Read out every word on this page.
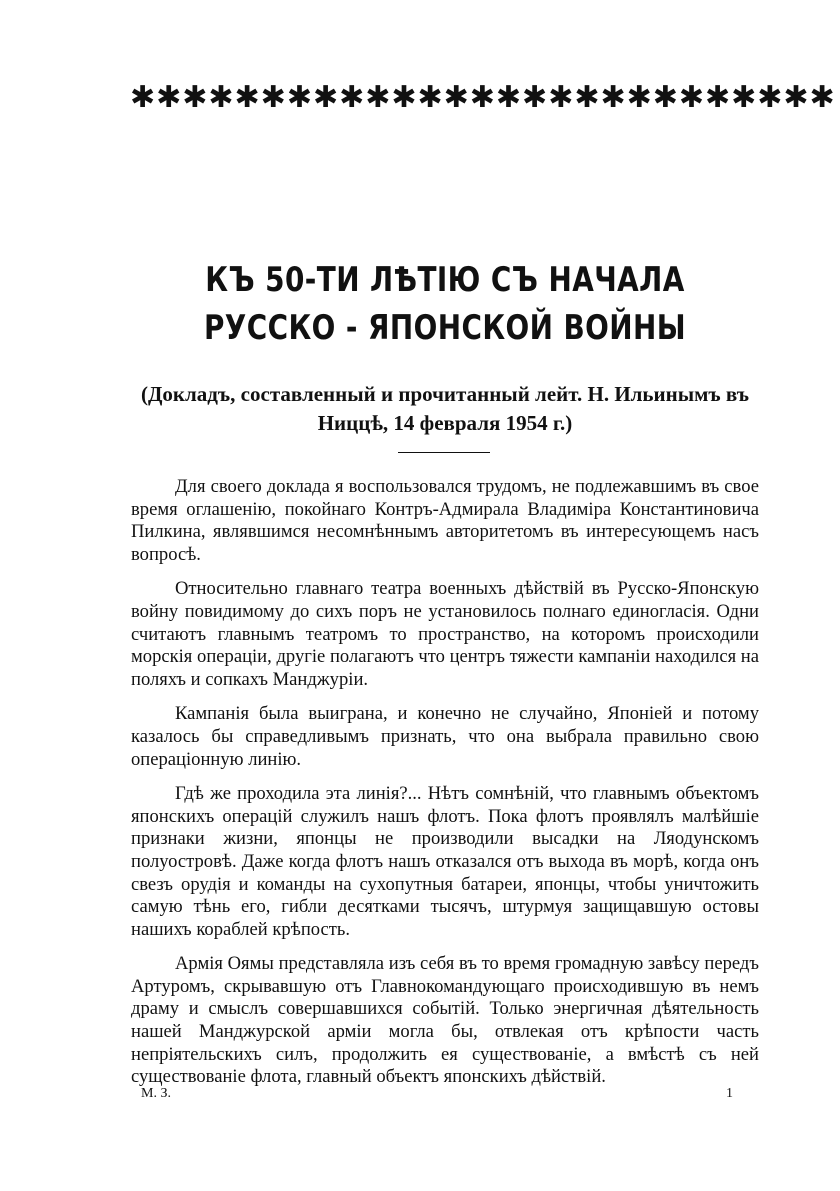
✱✱✱✱✱✱✱✱✱✱✱✱✱✱✱✱✱✱✱✱✱✱✱✱✱✱✱
КЪ 50-ТИ ЛѢТІЮ СЪ НАЧАЛА
РУССКО - ЯПОНСКОЙ ВОЙНЫ
(Докладъ, составленный и прочитанный лейт. Н. Ильинымъ въ Ниццѣ, 14 февраля 1954 г.)

Для своего доклада я воспользовался трудомъ, не подлежавшимъ въ свое время оглашенію, покойнаго Контръ-Адмирала Владиміра Константиновича Пилкина, являвшимся несомнѣннымъ авторитетомъ въ интересующемъ насъ вопросѣ.

Относительно главнаго театра военныхъ дѣйствій въ Русско-Японскую войну повидимому до сихъ поръ не установилось полнаго единогласія. Одни считаютъ главнымъ театромъ то пространство, на которомъ происходили морскія операціи, другіе полагаютъ что центръ тяжести кампаніи находился на поляхъ и сопкахъ Манджуріи.

Кампанія была выиграна, и конечно не случайно, Японіей и потому казалось бы справедливымъ признать, что она выбрала правильно свою операціонную линію.

Гдѣ же проходила эта линія?... Нѣтъ сомнѣній, что главнымъ объектомъ японскихъ операцій служилъ нашъ флотъ. Пока флотъ проявлялъ малѣйшіе признаки жизни, японцы не производили высадки на Ляодунскомъ полуостровѣ. Даже когда флотъ нашъ отказался отъ выхода въ морѣ, когда онъ свезъ орудія и команды на сухопутныя батареи, японцы, чтобы уничтожить самую тѣнь его, гибли десятками тысячъ, штурмуя защищавшую остовы нашихъ кораблей крѣпость.

Армія Оямы представляла изъ себя въ то время громадную завѣсу передъ Артуромъ, скрывавшую отъ Главнокомандующаго происходившую въ немъ драму и смыслъ совершавшихся событій. Только энергичная дѣятельность нашей Манджурской арміи могла бы, отвлекая отъ крѣпости часть непріятельскихъ силъ, продолжить ея существованіе, а вмѣстѣ съ ней существованіе флота, главный объектъ японскихъ дѣйствій.

М. З.	1
